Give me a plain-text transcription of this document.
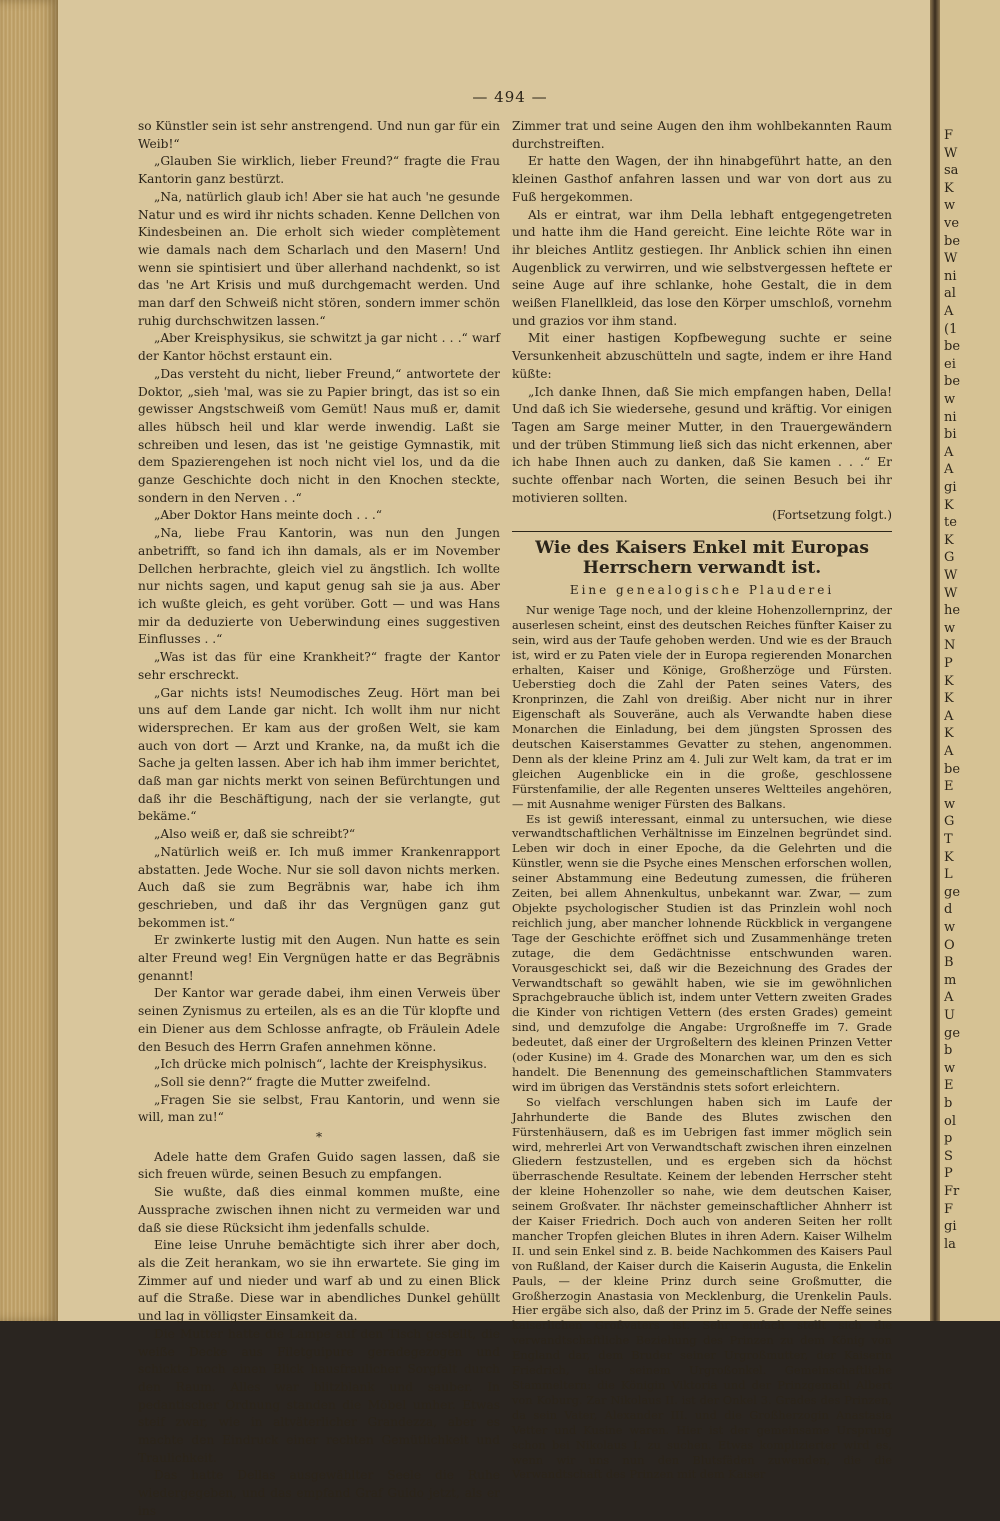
— 494 —

so Künstler sein ist sehr anstrengend. Und nun gar für ein Weib!“

„Glauben Sie wirklich, lieber Freund?“ fragte die Frau Kantorin ganz bestürzt.

„Na, natürlich glaub ich! Aber sie hat auch 'ne gesunde Natur und es wird ihr nichts schaden. Kenne Dellchen von Kindesbeinen an. Die erholt sich wieder complètement wie damals nach dem Scharlach und den Masern! Und wenn sie spintisiert und über allerhand nachdenkt, so ist das 'ne Art Krisis und muß durchgemacht werden. Und man darf den Schweiß nicht stören, sondern immer schön ruhig durchschwitzen lassen.“

„Aber Kreisphysikus, sie schwitzt ja gar nicht . . .“ warf der Kantor höchst erstaunt ein.

„Das versteht du nicht, lieber Freund,“ antwortete der Doktor, „sieh 'mal, was sie zu Papier bringt, das ist so ein gewisser Angstschweiß vom Gemüt! Naus muß er, damit alles hübsch heil und klar werde inwendig. Laßt sie schreiben und lesen, das ist 'ne geistige Gymnastik, mit dem Spazierengehen ist noch nicht viel los, und da die ganze Geschichte doch nicht in den Knochen steckte, sondern in den Nerven . .“

„Aber Doktor Hans meinte doch . . .“

„Na, liebe Frau Kantorin, was nun den Jungen anbetrifft, so fand ich ihn damals, als er im November Dellchen herbrachte, gleich viel zu ängstlich. Ich wollte nur nichts sagen, und kaput genug sah sie ja aus. Aber ich wußte gleich, es geht vorüber. Gott — und was Hans mir da deduzierte von Ueberwindung eines suggestiven Einflusses . .“

„Was ist das für eine Krankheit?“ fragte der Kantor sehr erschreckt.

„Gar nichts ists! Neumodisches Zeug. Hört man bei uns auf dem Lande gar nicht. Ich wollt ihm nur nicht widersprechen. Er kam aus der großen Welt, sie kam auch von dort — Arzt und Kranke, na, da mußt ich die Sache ja gelten lassen. Aber ich hab ihm immer berichtet, daß man gar nichts merkt von seinen Befürchtungen und daß ihr die Beschäftigung, nach der sie verlangte, gut bekäme.“

„Also weiß er, daß sie schreibt?“

„Natürlich weiß er. Ich muß immer Krankenrapport abstatten. Jede Woche. Nur sie soll davon nichts merken. Auch daß sie zum Begräbnis war, habe ich ihm geschrieben, und daß ihr das Vergnügen ganz gut bekommen ist.“

Er zwinkerte lustig mit den Augen. Nun hatte es sein alter Freund weg! Ein Vergnügen hatte er das Begräbnis genannt!

Der Kantor war gerade dabei, ihm einen Verweis über seinen Zynismus zu erteilen, als es an die Tür klopfte und ein Diener aus dem Schlosse anfragte, ob Fräulein Adele den Besuch des Herrn Grafen annehmen könne.

„Ich drücke mich polnisch“, lachte der Kreisphysikus.

„Soll sie denn?“ fragte die Mutter zweifelnd.

„Fragen Sie sie selbst, Frau Kantorin, und wenn sie will, man zu!“

*

Adele hatte dem Grafen Guido sagen lassen, daß sie sich freuen würde, seinen Besuch zu empfangen.

Sie wußte, daß dies einmal kommen mußte, eine Aussprache zwischen ihnen nicht zu vermeiden war und daß sie diese Rücksicht ihm jedenfalls schulde.

Eine leise Unruhe bemächtigte sich ihrer aber doch, als die Zeit herankam, wo sie ihn erwartete. Sie ging im Zimmer auf und nieder und warf ab und zu einen Blick auf die Straße. Diese war in abendliches Dunkel gehüllt und lag in völligster Einsamkeit da.

Die Mutter hatte die Lampe auf den Tisch gestellt, die weiße Decke aus Filetguipure geradegezogen und schickte noch einen Blick hausfraulicher Sorgfalt durch den Raum. Alles war blitzblank und sauber. In pedantischer Ordnung standen die Möbel umher. Etwas steif zwar, wie in altväterlicher Grandezza, aber es machte den Eindruck einer rechten Gemütlichkeit und Traulichkeit.

Das hatte Dellas ausgewählter Seele die Ruhe wiedergegeben, und das empfand Graf Guido jetzt, als er ins

Zimmer trat und seine Augen den ihm wohlbekannten Raum durchstreiften.

Er hatte den Wagen, der ihn hinabgeführt hatte, an den kleinen Gasthof anfahren lassen und war von dort aus zu Fuß hergekommen.

Als er eintrat, war ihm Della lebhaft entgegengetreten und hatte ihm die Hand gereicht. Eine leichte Röte war in ihr bleiches Antlitz gestiegen. Ihr Anblick schien ihn einen Augenblick zu verwirren, und wie selbstvergessen heftete er seine Auge auf ihre schlanke, hohe Gestalt, die in dem weißen Flanellkleid, das lose den Körper umschloß, vornehm und grazios vor ihm stand.

Mit einer hastigen Kopfbewegung suchte er seine Versunkenheit abzuschütteln und sagte, indem er ihre Hand küßte:

„Ich danke Ihnen, daß Sie mich empfangen haben, Della! Und daß ich Sie wiedersehe, gesund und kräftig. Vor einigen Tagen am Sarge meiner Mutter, in den Trauergewändern und der trüben Stimmung ließ sich das nicht erkennen, aber ich habe Ihnen auch zu danken, daß Sie kamen . . .“ Er suchte offenbar nach Worten, die seinen Besuch bei ihr motivieren sollten.

(Fortsetzung folgt.)

Wie des Kaisers Enkel mit Europas Herrschern verwandt ist.
Eine genealogische Plauderei

Nur wenige Tage noch, und der kleine Hohenzollernprinz, der auserlesen scheint, einst des deutschen Reiches fünfter Kaiser zu sein, wird aus der Taufe gehoben werden. Und wie es der Brauch ist, wird er zu Paten viele der in Europa regierenden Monarchen erhalten, Kaiser und Könige, Großherzöge und Fürsten. Ueberstieg doch die Zahl der Paten seines Vaters, des Kronprinzen, die Zahl von dreißig. Aber nicht nur in ihrer Eigenschaft als Souveräne, auch als Verwandte haben diese Monarchen die Einladung, bei dem jüngsten Sprossen des deutschen Kaiserstammes Gevatter zu stehen, angenommen. Denn als der kleine Prinz am 4. Juli zur Welt kam, da trat er im gleichen Augenblicke ein in die große, geschlossene Fürstenfamilie, der alle Regenten unseres Weltteiles angehören, — mit Ausnahme weniger Fürsten des Balkans.

Es ist gewiß interessant, einmal zu untersuchen, wie diese verwandtschaftlichen Verhältnisse im Einzelnen begründet sind. Leben wir doch in einer Epoche, da die Gelehrten und die Künstler, wenn sie die Psyche eines Menschen erforschen wollen, seiner Abstammung eine Bedeutung zumessen, die früheren Zeiten, bei allem Ahnenkultus, unbekannt war. Zwar, — zum Objekte psychologischer Studien ist das Prinzlein wohl noch reichlich jung, aber mancher lohnende Rückblick in vergangene Tage der Geschichte eröffnet sich und Zusammenhänge treten zutage, die dem Gedächtnisse entschwunden waren. Vorausgeschickt sei, daß wir die Bezeichnung des Grades der Verwandtschaft so gewählt haben, wie sie im gewöhnlichen Sprachgebrauche üblich ist, indem unter Vettern zweiten Grades die Kinder von richtigen Vettern (des ersten Grades) gemeint sind, und demzufolge die Angabe: Urgroßneffe im 7. Grade bedeutet, daß einer der Urgroßeltern des kleinen Prinzen Vetter (oder Kusine) im 4. Grade des Monarchen war, um den es sich handelt. Die Benennung des gemeinschaftlichen Stammvaters wird im übrigen das Verständnis stets sofort erleichtern.

So vielfach verschlungen haben sich im Laufe der Jahrhunderte die Bande des Blutes zwischen den Fürstenhäusern, daß es im Uebrigen fast immer möglich sein wird, mehrerlei Art von Verwandtschaft zwischen ihren einzelnen Gliedern festzustellen, und es ergeben sich da höchst überraschende Resultate. Keinem der lebenden Herrscher steht der kleine Hohenzoller so nahe, wie dem deutschen Kaiser, seinem Großvater. Ihr nächster gemeinschaftlicher Ahnherr ist der Kaiser Friedrich. Doch auch von anderen Seiten her rollt mancher Tropfen gleichen Blutes in ihren Adern. Kaiser Wilhelm II. und sein Enkel sind z. B. beide Nachkommen des Kaisers Paul von Rußland, der Kaiser durch die Kaiserin Augusta, die Enkelin Pauls, — der kleine Prinz durch seine Großmutter, die Großherzogin Anastasia von Mecklenburg, die Urenkelin Pauls. Hier ergäbe sich also, daß der Prinz im 5. Grade der Neffe seines kaiserlichen Großvaters ist. Sehr einfach stellt sich die verwandtschaftliche Beziehung des Prinzen zu dem König von England dar, dem Bruder seiner Urgroßmutter, der Kaiserin Friedrich, also seinem Urgroßonkel. Gemeinschaftliche Stammeltern: die Königin Viktoria und der Prinzgemahl Albert von Koburg. Zar Nikolaus II. ist der Onkel 3. Grades des Prinzen, da sein Vater, Alexander III. und die Großherzogin Anastasia Vetter und Kusine waren. Hier ist der gemeinsame Ursprung schon bei Nikolaus I. zu suchen. Etwas komplizierter wird es, wenn wir uns nun den Blutsfäden zuwenden, die die Verwandtschaft des Prinzen mit dem Kaiser

F
W
sa
K
w
ve
be
W
ni
al
A
(1
be
ei
be
w
ni
bi
A
A
gi
K
te
K
G
W
W
he
w
N
P
K
K
A
K
A
be
E
w
G
T
K
L
ge
d
w
O
B
m
A
U
ge
b
w
E
b
ol
p
S
P
Fr
F
gi
la
